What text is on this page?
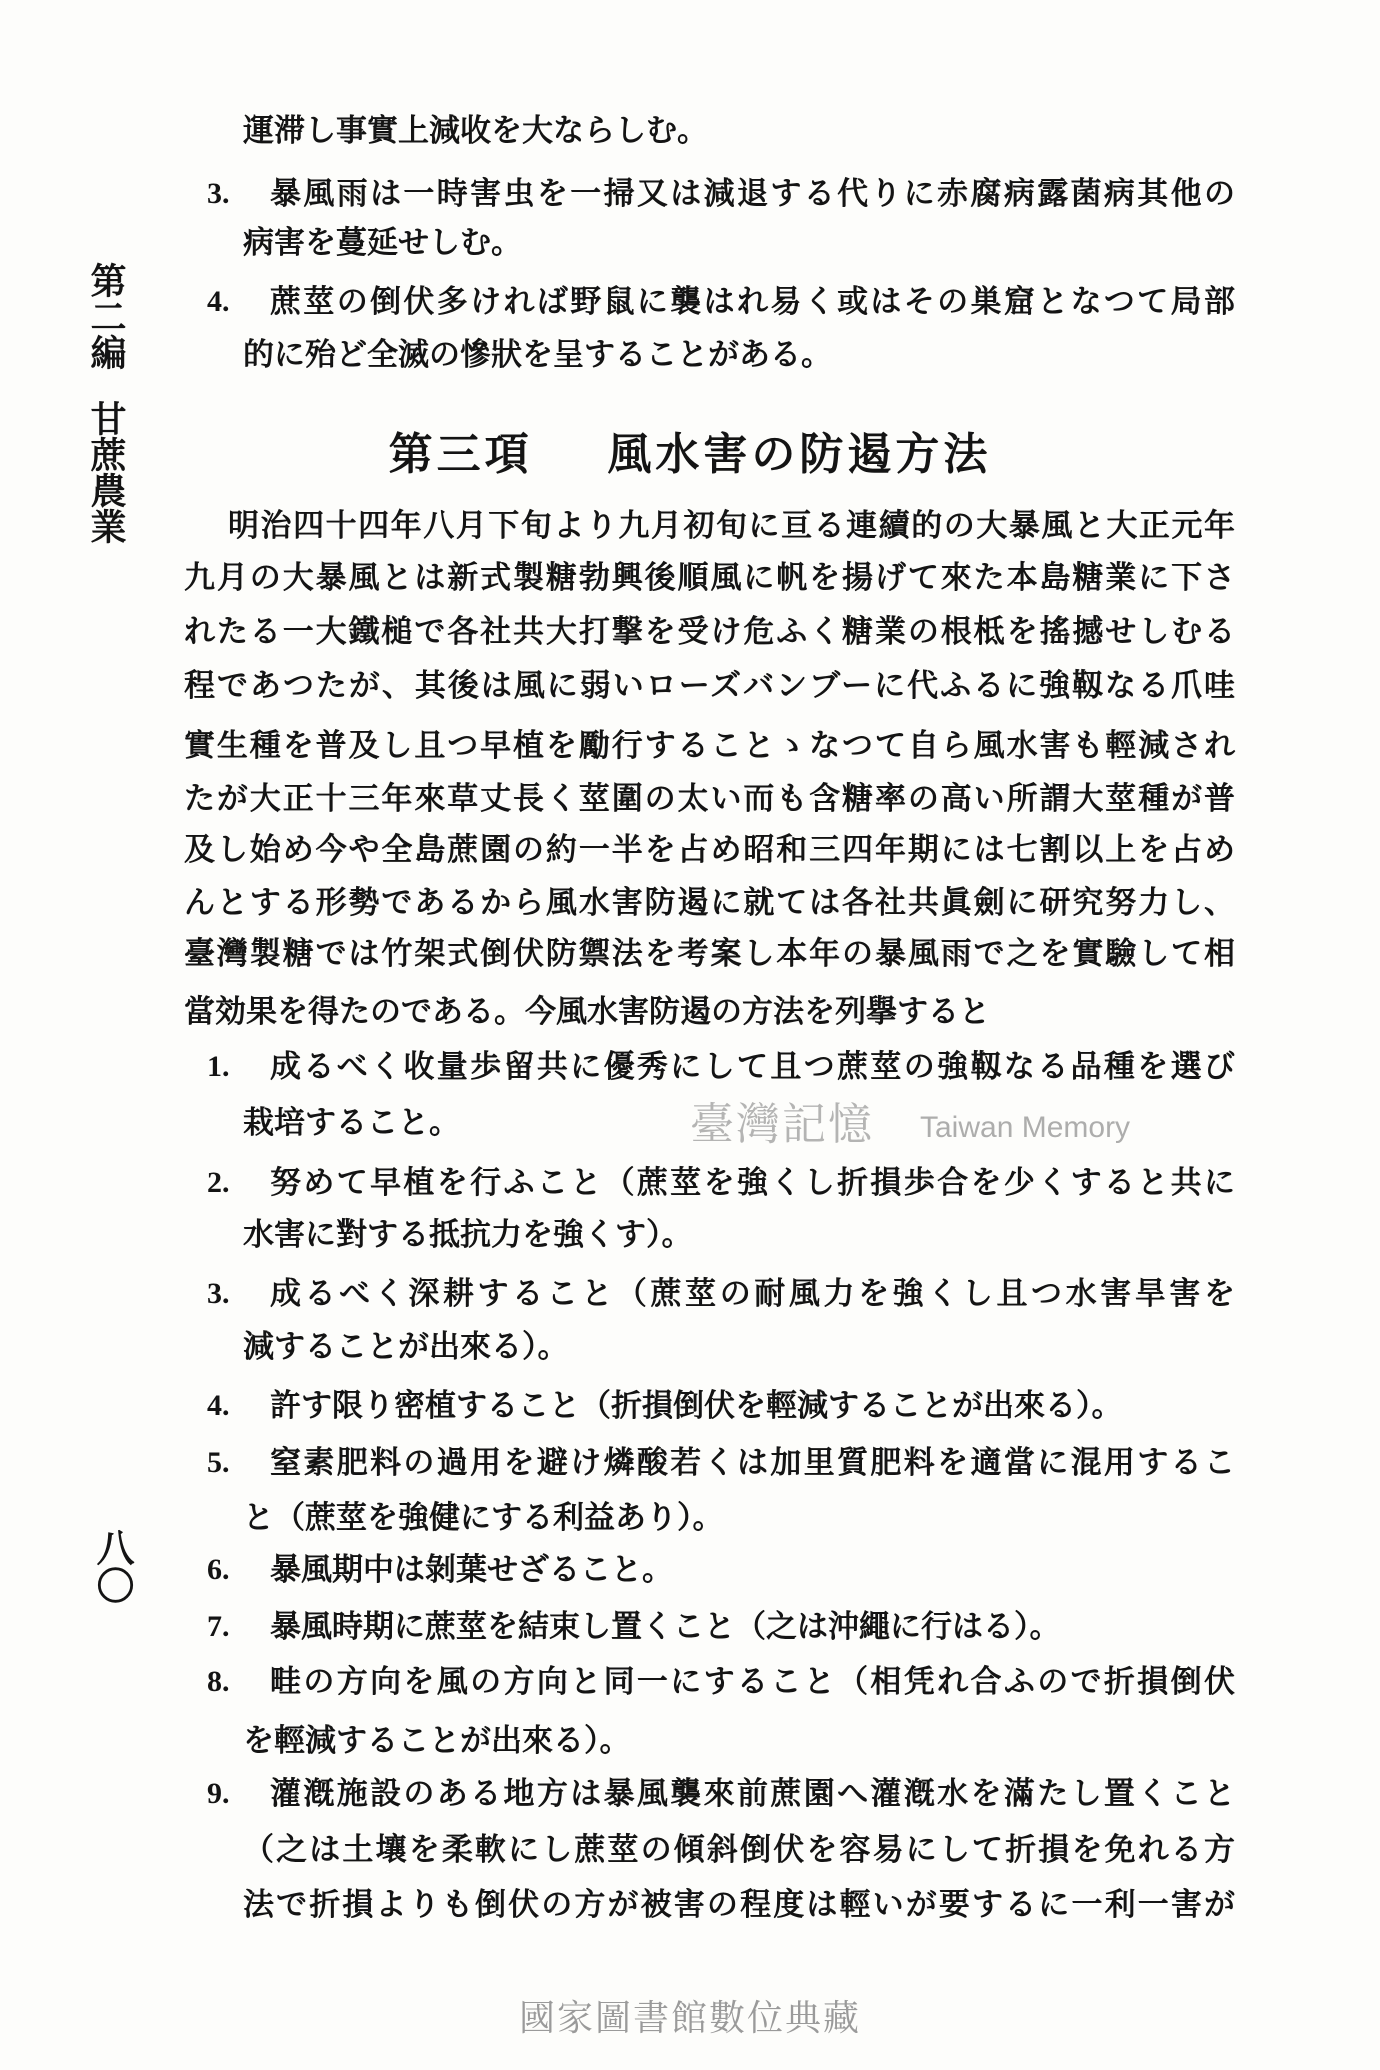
第二編
甘蔗農業
八〇
運滞し事實上減收を大ならしむ。
3. 暴風雨は一時害虫を一掃又は減退する代りに赤腐病露菌病其他の
病害を蔓延せしむ。
4. 蔗莖の倒伏多ければ野鼠に襲はれ易く或はその巣窟となつて局部
的に殆ど全滅の慘狀を呈することがある。
第三項 風水害の防遏方法
明治四十四年八月下旬より九月初旬に亘る連續的の大暴風と大正元年
九月の大暴風とは新式製糖勃興後順風に帆を揚げて來た本島糖業に下さ
れたる一大鐵槌で各社共大打撃を受け危ふく糖業の根柢を搖撼せしむる
程であつたが、其後は風に弱いローズバンブーに代ふるに強靱なる爪哇
實生種を普及し且つ早植を勵行することゝなつて自ら風水害も輕減され
たが大正十三年來草丈長く莖圍の太い而も含糖率の高い所謂大莖種が普
及し始め今や全島蔗園の約一半を占め昭和三四年期には七割以上を占め
んとする形勢であるから風水害防遏に就ては各社共眞劍に研究努力し、
臺灣製糖では竹架式倒伏防禦法を考案し本年の暴風雨で之を實驗して相
當効果を得たのである。今風水害防遏の方法を列擧すると
1. 成るべく收量歩留共に優秀にして且つ蔗莖の強靱なる品種を選び
栽培すること。
2. 努めて早植を行ふこと（蔗莖を強くし折損歩合を少くすると共に
水害に對する抵抗力を強くす）。
3. 成るべく深耕すること（蔗莖の耐風力を強くし且つ水害旱害を
減することが出來る）。
4. 許す限り密植すること（折損倒伏を輕減することが出來る）。
5. 窒素肥料の過用を避け燐酸若くは加里質肥料を適當に混用するこ
と（蔗莖を強健にする利益あり）。
6. 暴風期中は剝葉せざること。
7. 暴風時期に蔗莖を結束し置くこと（之は沖繩に行はる）。
8. 畦の方向を風の方向と同一にすること（相凭れ合ふので折損倒伏
を輕減することが出來る）。
9. 灌漑施設のある地方は暴風襲來前蔗園へ灌漑水を滿たし置くこと
（之は土壤を柔軟にし蔗莖の傾斜倒伏を容易にして折損を免れる方
法で折損よりも倒伏の方が被害の程度は輕いが要するに一利一害が
臺灣記憶 Taiwan Memory
國家圖書館數位典藏
